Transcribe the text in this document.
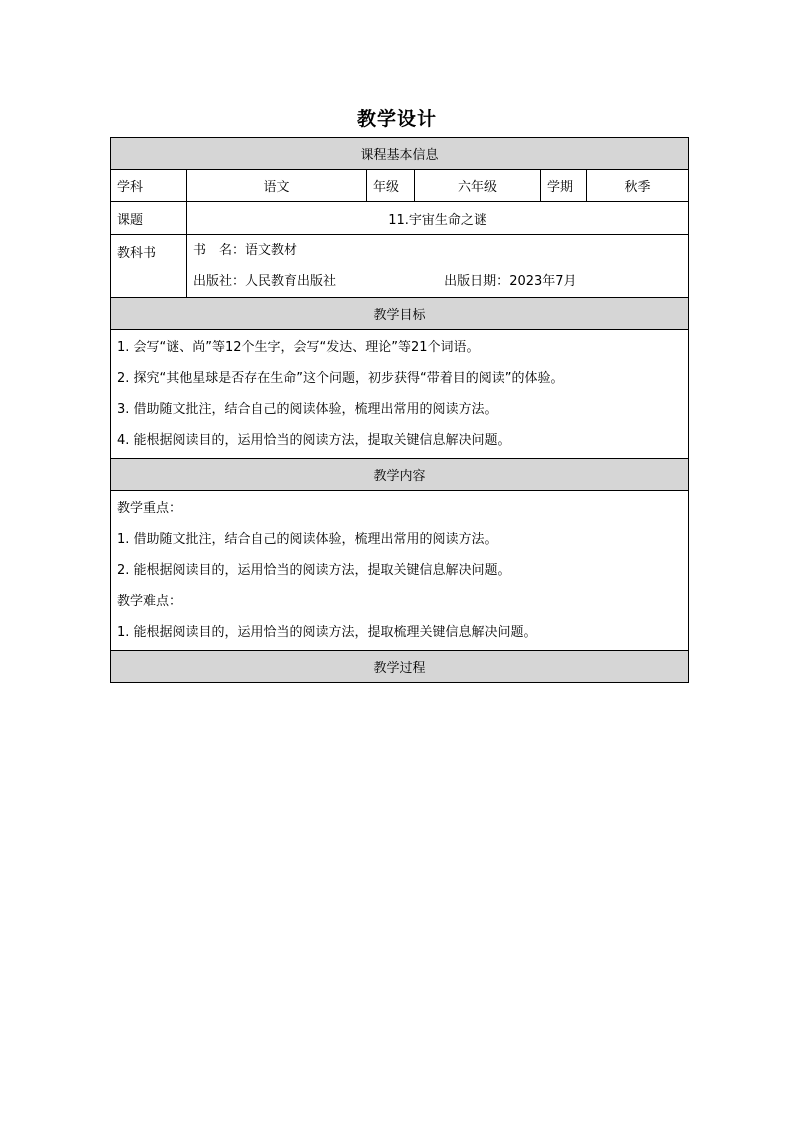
教学设计
课程基本信息					
学科	语文	年级	六年级	学期	秋季
课题	11.宇宙生命之谜				
教科书	书　名：语文教材
出版社：人民教育出版社 出版日期：2023年7月				

教学目标					

1. 会写“谜、尚”等12个生字，会写“发达、理论”等21个词语。
2. 探究“其他星球是否存在生命”这个问题，初步获得“带着目的阅读”的体验。
3. 借助随文批注，结合自己的阅读体验，梳理出常用的阅读方法。
4. 能根据阅读目的，运用恰当的阅读方法，提取关键信息解决问题。					

教学内容					

教学重点：
1. 借助随文批注，结合自己的阅读体验，梳理出常用的阅读方法。
2. 能根据阅读目的，运用恰当的阅读方法，提取关键信息解决问题。
教学难点：
1. 能根据阅读目的，运用恰当的阅读方法，提取梳理关键信息解决问题。					

教学过程					
